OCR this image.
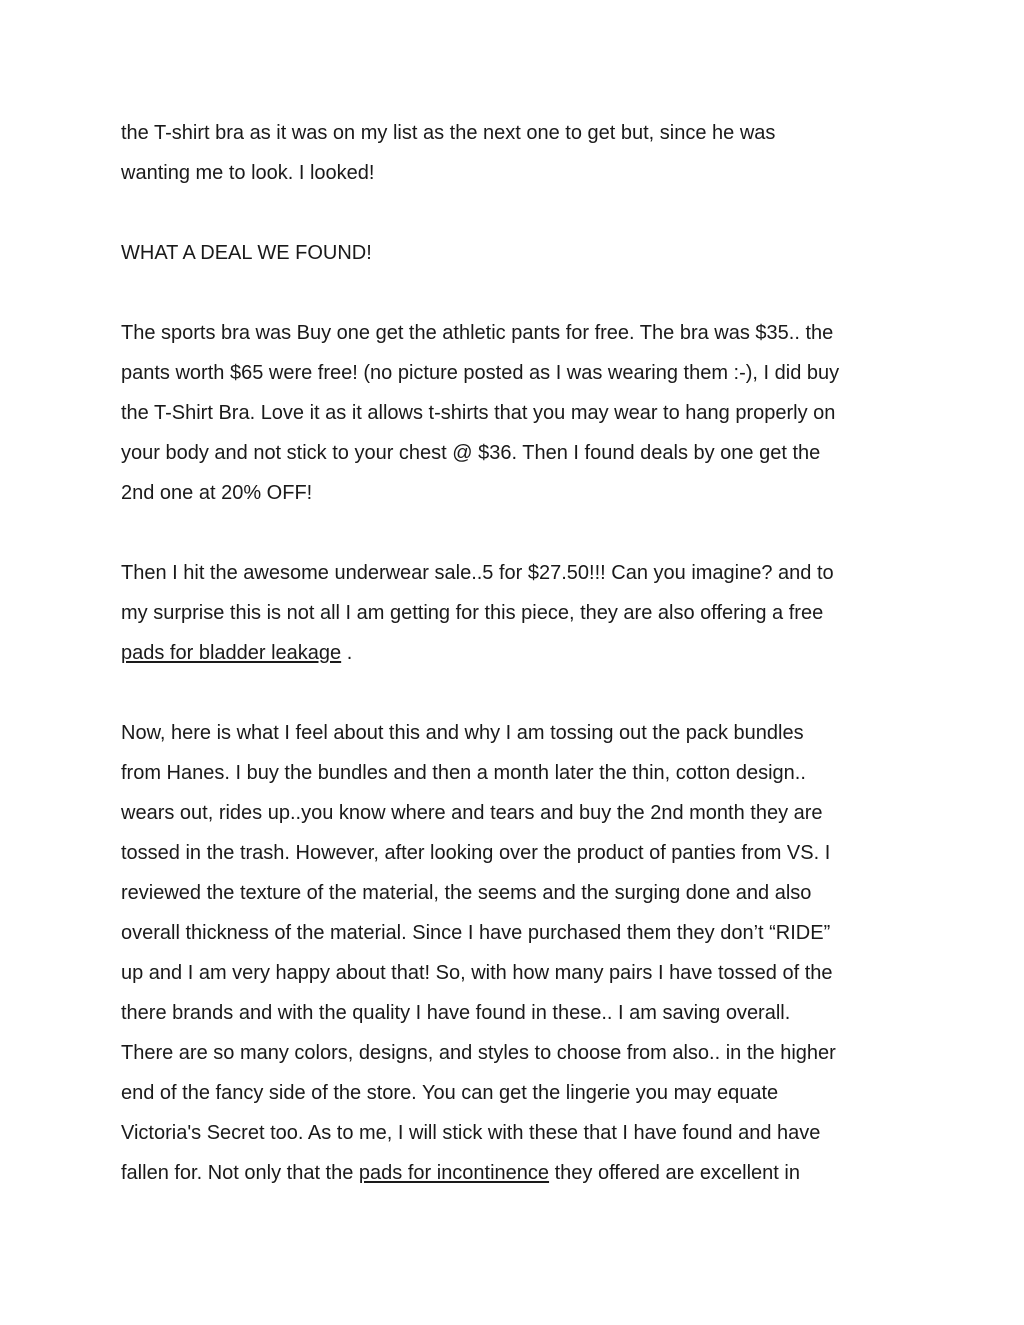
the T-shirt bra as it was on my list as the next one to get but, since he was
wanting me to look. I looked!

WHAT A DEAL WE FOUND!

The sports bra was Buy one get the athletic pants for free. The bra was $35.. the
pants worth $65 were free! (no picture posted as I was wearing them :-), I did buy
the T-Shirt Bra. Love it as it allows t-shirts that you may wear to hang properly on
your body and not stick to your chest @ $36. Then I found deals by one get the
2nd one at 20% OFF!

Then I hit the awesome underwear sale..5 for $27.50!!! Can you imagine? and to
my surprise this is not all I am getting for this piece, they are also offering a free
pads for bladder leakage .

Now, here is what I feel about this and why I am tossing out the pack bundles
from Hanes. I buy the bundles and then a month later the thin, cotton design..
wears out, rides up..you know where and tears and buy the 2nd month they are
tossed in the trash. However, after looking over the product of panties from VS. I
reviewed the texture of the material, the seems and the surging done and also
overall thickness of the material. Since I have purchased them they don’t “RIDE”
up and I am very happy about that! So, with how many pairs I have tossed of the
there brands and with the quality I have found in these.. I am saving overall.
There are so many colors, designs, and styles to choose from also.. in the higher
end of the fancy side of the store. You can get the lingerie you may equate
Victoria's Secret too. As to me, I will stick with these that I have found and have
fallen for. Not only that the pads for incontinence they offered are excellent in
